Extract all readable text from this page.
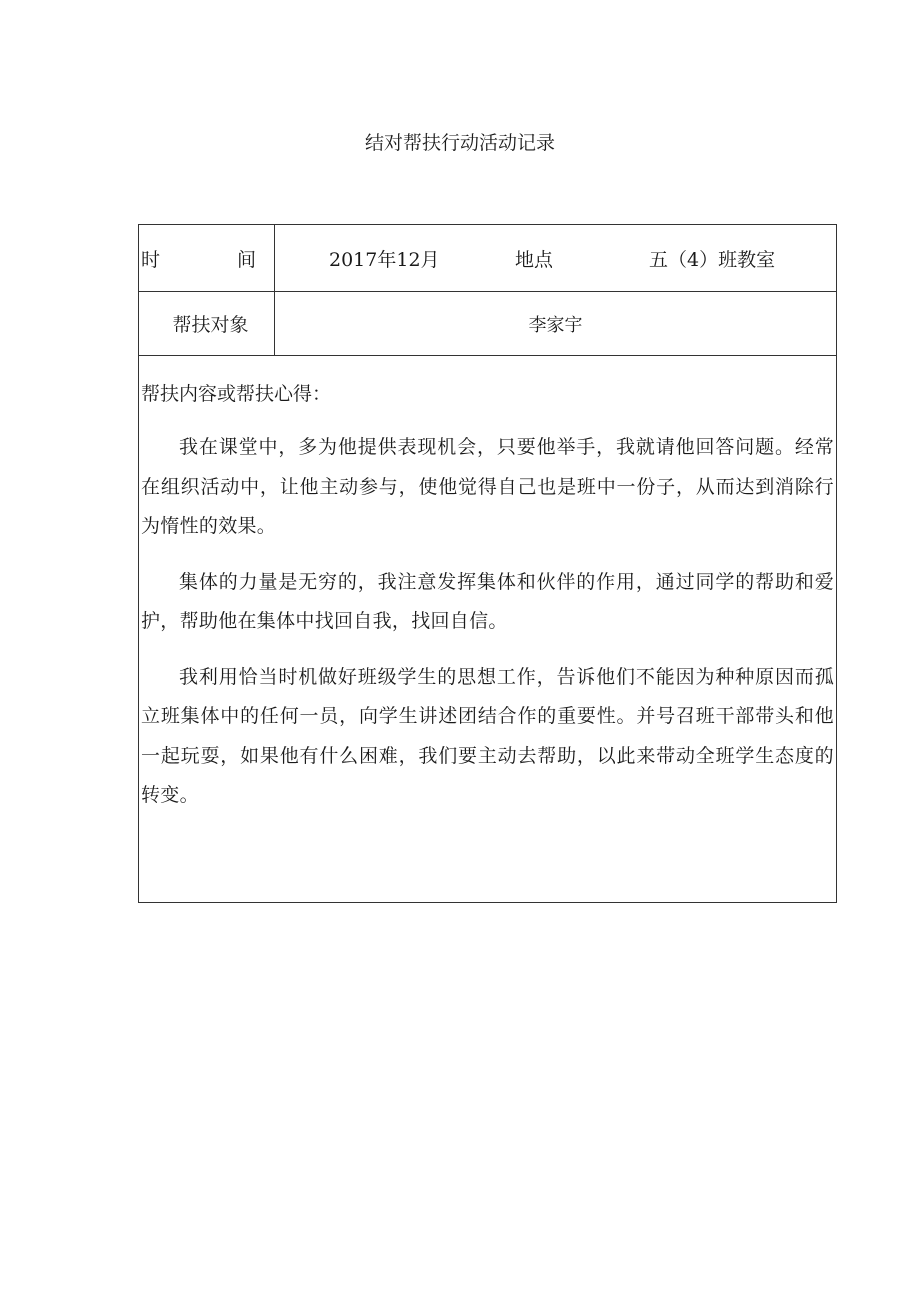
结对帮扶行动活动记录
时	间	2017年12月	地点	五（4）班教室
帮扶对象	李家宇

帮扶内容或帮扶心得：

我在课堂中，多为他提供表现机会，只要他举手，我就请他回答问题。经常在组织活动中，让他主动参与，使他觉得自己也是班中一份子，从而达到消除行为惰性的效果。

集体的力量是无穷的，我注意发挥集体和伙伴的作用，通过同学的帮助和爱护，帮助他在集体中找回自我，找回自信。

我利用恰当时机做好班级学生的思想工作，告诉他们不能因为种种原因而孤立班集体中的任何一员，向学生讲述团结合作的重要性。并号召班干部带头和他一起玩耍，如果他有什么困难，我们要主动去帮助，以此来带动全班学生态度的转变。
